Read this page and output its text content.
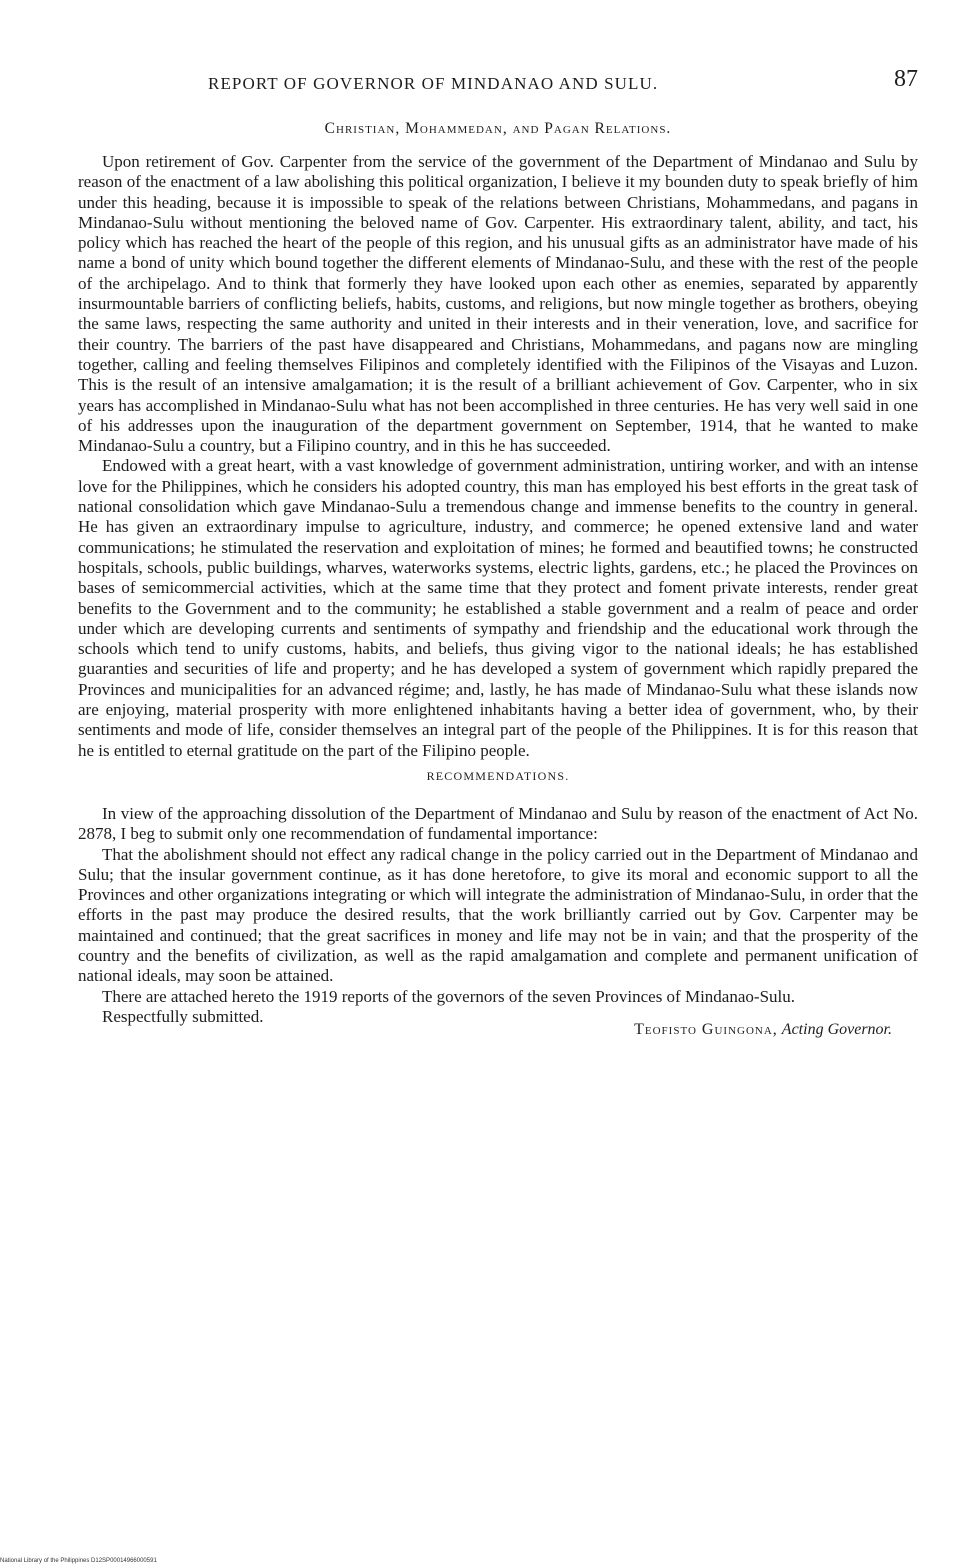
REPORT OF GOVERNOR OF MINDANAO AND SULU.	87
Christian, Mohammedan, and Pagan Relations.

Upon retirement of Gov. Carpenter from the service of the government of the Department of Mindanao and Sulu by reason of the enactment of a law abolishing this political organization, I believe it my bounden duty to speak briefly of him under this heading, because it is impossible to speak of the relations between Christians, Mohammedans, and pagans in Mindanao-Sulu without mentioning the beloved name of Gov. Carpenter. His extraordinary talent, ability, and tact, his policy which has reached the heart of the people of this region, and his unusual gifts as an administrator have made of his name a bond of unity which bound together the different elements of Mindanao-Sulu, and these with the rest of the people of the archipelago. And to think that formerly they have looked upon each other as enemies, separated by apparently insurmountable barriers of conflicting beliefs, habits, customs, and religions, but now mingle together as brothers, obeying the same laws, respecting the same authority and united in their interests and in their veneration, love, and sacrifice for their country. The barriers of the past have disappeared and Christians, Mohammedans, and pagans now are mingling together, calling and feeling themselves Filipinos and completely identified with the Filipinos of the Visayas and Luzon. This is the result of an intensive amalgamation; it is the result of a brilliant achievement of Gov. Carpenter, who in six years has accomplished in Mindanao-Sulu what has not been accomplished in three centuries. He has very well said in one of his addresses upon the inauguration of the department government on September, 1914, that he wanted to make Mindanao-Sulu a country, but a Filipino country, and in this he has succeeded.

Endowed with a great heart, with a vast knowledge of government administration, untiring worker, and with an intense love for the Philippines, which he considers his adopted country, this man has employed his best efforts in the great task of national consolidation which gave Mindanao-Sulu a tremendous change and immense benefits to the country in general. He has given an extraordinary impulse to agriculture, industry, and commerce; he opened extensive land and water communications; he stimulated the reservation and exploitation of mines; he formed and beautified towns; he constructed hospitals, schools, public buildings, wharves, waterworks systems, electric lights, gardens, etc.; he placed the Provinces on bases of semicommercial activities, which at the same time that they protect and foment private interests, render great benefits to the Government and to the community; he established a stable government and a realm of peace and order under which are developing currents and sentiments of sympathy and friendship and the educational work through the schools which tend to unify customs, habits, and beliefs, thus giving vigor to the national ideals; he has established guaranties and securities of life and property; and he has developed a system of government which rapidly prepared the Provinces and municipalities for an advanced régime; and, lastly, he has made of Mindanao-Sulu what these islands now are enjoying, material prosperity with more enlightened inhabitants having a better idea of government, who, by their sentiments and mode of life, consider themselves an integral part of the people of the Philippines. It is for this reason that he is entitled to eternal gratitude on the part of the Filipino people.

RECOMMENDATIONS.

In view of the approaching dissolution of the Department of Mindanao and Sulu by reason of the enactment of Act No. 2878, I beg to submit only one recommendation of fundamental importance:

That the abolishment should not effect any radical change in the policy carried out in the Department of Mindanao and Sulu; that the insular government continue, as it has done heretofore, to give its moral and economic support to all the Provinces and other organizations integrating or which will integrate the administration of Mindanao-Sulu, in order that the efforts in the past may produce the desired results, that the work brilliantly carried out by Gov. Carpenter may be maintained and continued; that the great sacrifices in money and life may not be in vain; and that the prosperity of the country and the benefits of civilization, as well as the rapid amalgamation and complete and permanent unification of national ideals, may soon be attained.

There are attached hereto the 1919 reports of the governors of the seven Provinces of Mindanao-Sulu.

Respectfully submitted.

Teofisto Guingona, Acting Governor.

National Library of the Philippines D12SP00014966000591
